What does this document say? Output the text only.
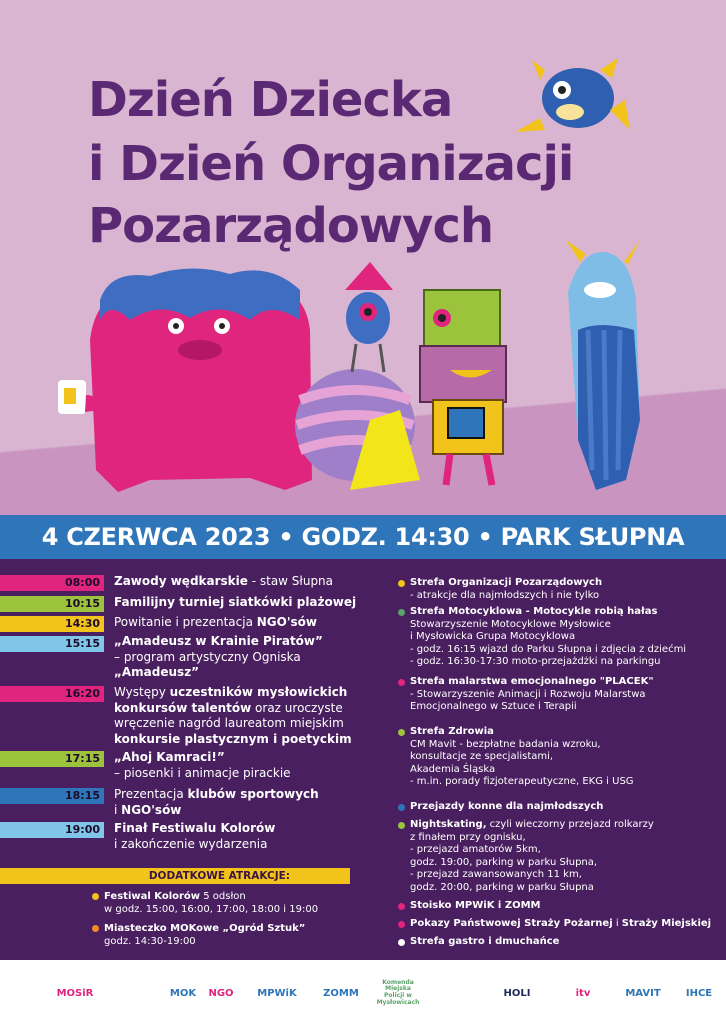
Dzień Dziecka
i Dzień Organizacji
Pozarządowych
4 CZERWCA 2023 • GODZ. 14:30 • PARK SŁUPNA
08:00	Zawody wędkarskie - staw Słupna
10:15	Familijny turniej siatkówki plażowej
14:30	Powitanie i prezentacja NGO'sów
15:15	„Amadeusz w Krainie Piratów”
– program artystyczny Ogniska
„Amadeusz”
16:20	Występy uczestników mysłowickich
konkursów talentów oraz uroczyste
wręczenie nagród laureatom miejskim
konkursie plastycznym i poetyckim
17:15	„Ahoj Kamraci!”
– piosenki i animacje pirackie
18:15	Prezentacja klubów sportowych
i NGO'sów
19:00	Finał Festiwalu Kolorów
i zakończenie wydarzenia
DODATKOWE ATRAKCJE:
Festiwal Kolorów 5 odsłon
w godz. 15:00, 16:00, 17:00, 18:00 i 19:00
Miasteczko MOKowe „Ogród Sztuk”
godz. 14:30-19:00
Strefa Organizacji Pozarządowych
- atrakcje dla najmłodszych i nie tylko
Strefa Motocyklowa - Motocykle robią hałas
Stowarzyszenie Motocyklowe Mysłowice
i Mysłowicka Grupa Motocyklowa
- godz. 16:15 wjazd do Parku Słupna i zdjęcia z dziećmi
- godz. 16:30-17:30 moto-przejażdżki na parkingu
Strefa malarstwa emocjonalnego "PLACEK"
- Stowarzyszenie Animacji i Rozwoju Malarstwa
Emocjonalnego w Sztuce i Terapii
Strefa Zdrowia
CM Mavit - bezpłatne badania wzroku,
konsultacje ze specjalistami,
Akademia Śląska
- m.in. porady fizjoterapeutyczne, EKG i USG
Przejazdy konne dla najmłodszych
Nightskating, czyli wieczorny przejazd rolkarzy
z finałem przy ognisku,
- przejazd amatorów 5km,
godz. 19:00, parking w parku Słupna,
- przejazd zawansowanych 11 km,
godz. 20:00, parking w parku Słupna
Stoisko MPWiK i ZOMM
Pokazy Państwowej Straży Pożarnej i Straży Miejskiej
Strefa gastro i dmuchańce
MOSiR	MOK	NGO	MPWiK	ZOMM
Komenda Miejska Policji w Mysłowicach
HOLI	itv	MAVIT	IHCE
